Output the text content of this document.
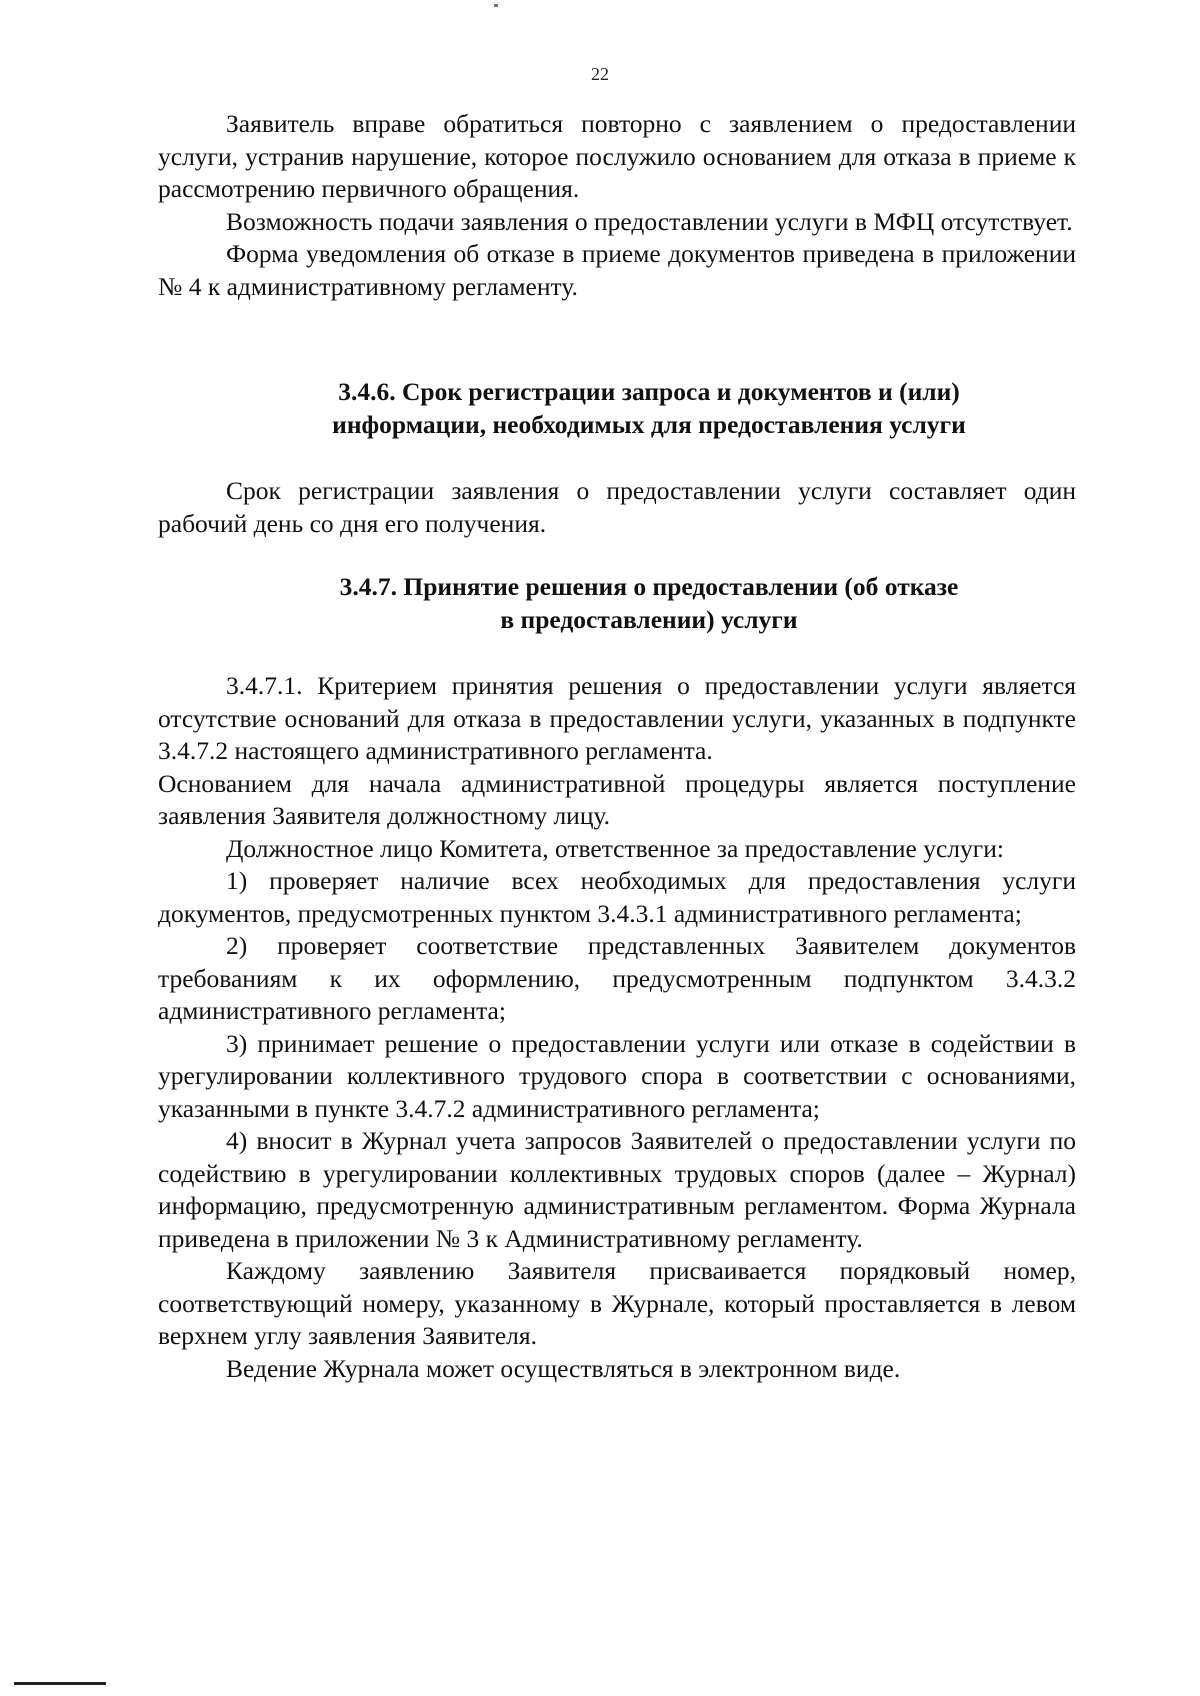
22

Заявитель вправе обратиться повторно с заявлением о предоставлении услуги, устранив нарушение, которое послужило основанием для отказа в приеме к рассмотрению первичного обращения.

Возможность подачи заявления о предоставлении услуги в МФЦ отсутствует.

Форма уведомления об отказе в приеме документов приведена в приложении № 4 к административному регламенту.

3.4.6. Срок регистрации запроса и документов и (или)

информации, необходимых для предоставления услуги

Срок регистрации заявления о предоставлении услуги составляет один рабочий день со дня его получения.

3.4.7. Принятие решения о предоставлении (об отказе

в предоставлении) услуги

3.4.7.1. Критерием принятия решения о предоставлении услуги является отсутствие оснований для отказа в предоставлении услуги, указанных в подпункте 3.4.7.2 настоящего административного регламента.

Основанием для начала административной процедуры является поступление заявления Заявителя должностному лицу.

Должностное лицо Комитета, ответственное за предоставление услуги:

1) проверяет наличие всех необходимых для предоставления услуги документов, предусмотренных пунктом 3.4.3.1 административного регламента;

2) проверяет соответствие представленных Заявителем документов требованиям к их оформлению, предусмотренным подпунктом 3.4.3.2 административного регламента;

3) принимает решение о предоставлении услуги или отказе в содействии в урегулировании коллективного трудового спора в соответствии с основаниями, указанными в пункте 3.4.7.2 административного регламента;

4) вносит в Журнал учета запросов Заявителей о предоставлении услуги по содействию в урегулировании коллективных трудовых споров (далее – Журнал) информацию, предусмотренную административным регламентом. Форма Журнала приведена в приложении № 3 к Административному регламенту.

Каждому заявлению Заявителя присваивается порядковый номер, соответствующий номеру, указанному в Журнале, который проставляется в левом верхнем углу заявления Заявителя.

Ведение Журнала может осуществляться в электронном виде.
